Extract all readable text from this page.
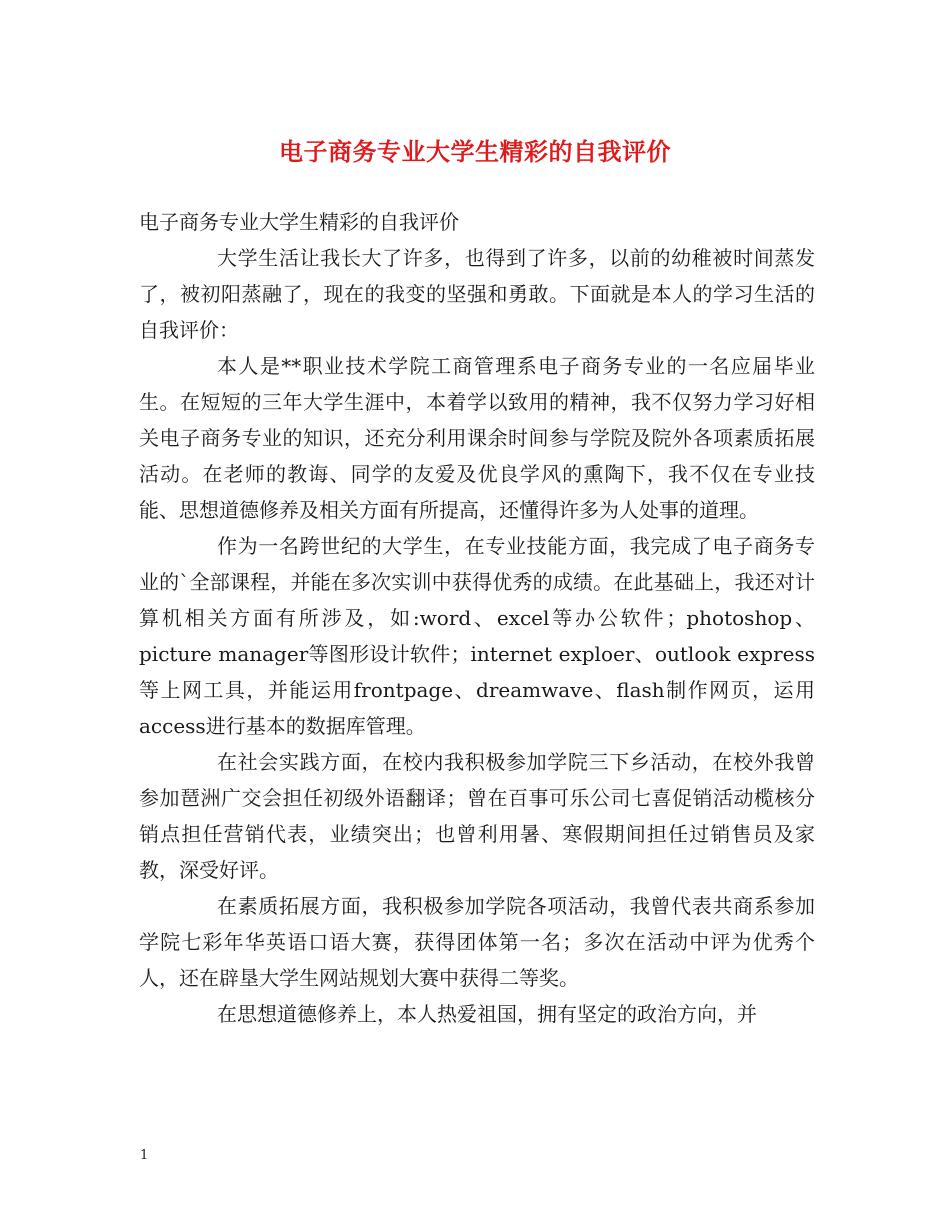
电子商务专业大学生精彩的自我评价

电子商务专业大学生精彩的自我评价

大学生活让我长大了许多，也得到了许多，以前的幼稚被时间蒸发了，被初阳蒸融了，现在的我变的坚强和勇敢。下面就是本人的学习生活的自我评价：

本人是**职业技术学院工商管理系电子商务专业的一名应届毕业生。在短短的三年大学生涯中，本着学以致用的精神，我不仅努力学习好相关电子商务专业的知识，还充分利用课余时间参与学院及院外各项素质拓展活动。在老师的教诲、同学的友爱及优良学风的熏陶下，我不仅在专业技能、思想道德修养及相关方面有所提高，还懂得许多为人处事的道理。

作为一名跨世纪的大学生，在专业技能方面，我完成了电子商务专业的`全部课程，并能在多次实训中获得优秀的成绩。在此基础上，我还对计算机相关方面有所涉及，如:word、excel等办公软件；photoshop、picture manager等图形设计软件；internet exploer、outlook express等上网工具，并能运用frontpage、dreamwave、flash制作网页，运用access进行基本的数据库管理。

在社会实践方面，在校内我积极参加学院三下乡活动，在校外我曾参加琶洲广交会担任初级外语翻译；曾在百事可乐公司七喜促销活动榄核分销点担任营销代表，业绩突出；也曾利用暑、寒假期间担任过销售员及家教，深受好评。

在素质拓展方面，我积极参加学院各项活动，我曾代表共商系参加学院七彩年华英语口语大赛，获得团体第一名；多次在活动中评为优秀个人，还在辟垦大学生网站规划大赛中获得二等奖。

在思想道德修养上，本人热爱祖国，拥有坚定的政治方向，并

1
